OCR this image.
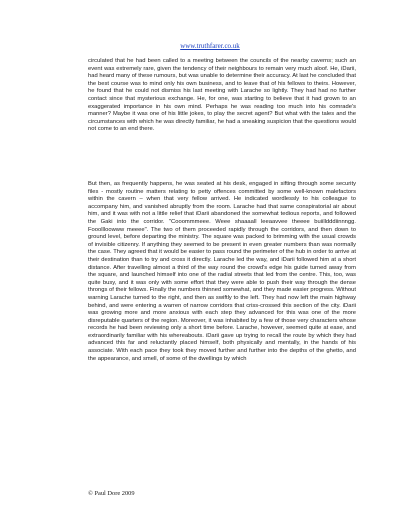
www.truthfarer.co.uk

circulated that he had been called to a meeting between the councils of the nearby caverns; such an event was extremely rare, given the tendency of their neighbours to remain very much aloof. He, iDarii, had heard many of these rumours, but was unable to determine their accuracy. At last he concluded that the best course was to mind only his own business, and to leave that of his fellows to theirs. However, he found that he could not dismiss his last meeting with Larache so lightly. They had had no further contact since that mysterious exchange. He, for one, was starting to believe that it had grown to an exaggerated importance in his own mind. Perhaps he was reading too much into his comrade's manner? Maybe it was one of his little jokes, to play the secret agent? But what with the tales and the circumstances with which he was directly familiar, he had a sneaking suspicion that the questions would not come to an end there.

But then, as frequently happens, he was seated at his desk, engaged in sifting through some security files - mostly routine matters relating to petty offences committed by some well-known malefactors within the cavern – when that very fellow arrived. He indicated wordlessly to his colleague to accompany him, and vanished abruptly from the room. Larache had that same conspiratorial air about him, and it was with not a little relief that iDarii abandoned the somewhat tedious reports, and followed the Gaki into the corridor. "Cooommmeee. Weee shaaaall leeaavvee theeee buiilldddiinnngg. Fooollloowww meeee". The two of them proceeded rapidly through the corridors, and then down to ground level, before departing the ministry. The square was packed to brimming with the usual crowds of invisible citizenry. If anything they seemed to be present in even greater numbers than was normally the case. They agreed that it would be easier to pass round the perimeter of the hub in order to arrive at their destination than to try and cross it directly. Larache led the way, and iDarii followed him at a short distance. After travelling almost a third of the way round the crowd's edge his guide turned away from the square, and launched himself into one of the radial streets that led from the centre. This, too, was quite busy, and it was only with some effort that they were able to push their way through the dense throngs of their fellows. Finally the numbers thinned somewhat, and they made easier progress. Without warning Larache turned to the right, and then as swiftly to the left. They had now left the main highway behind, and were entering a warren of narrow corridors that criss-crossed this section of the city. iDarii was growing more and more anxious with each step they advanced for this was one of the more disreputable quarters of the region. Moreover, it was inhabited by a few of those very characters whose records he had been reviewing only a short time before. Larache, however, seemed quite at ease, and extraordinarily familiar with his whereabouts. iDarii gave up trying to recall the route by which they had advanced this far and reluctantly placed himself, both physically and mentally, in the hands of his associate. With each pace they took they moved further and further into the depths of the ghetto, and the appearance, and smell, of some of the dwellings by which

© Paul Dore 2009
